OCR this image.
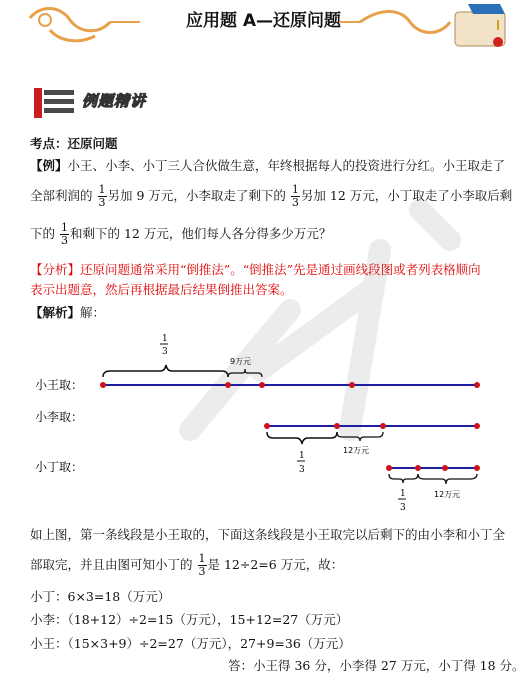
应用题 A—还原问题
例题精讲
考点：还原问题
【例】小王、小李、小丁三人合伙做生意，年终根据每人的投资进行分红。小王取走了
全部利润的 $\frac{1}{3}$ 另加 9 万元，小李取走了剩下的 $\frac{1}{3}$ 另加 12 万元，小丁取走了小李取后剩
下的 $\frac{1}{3}$ 和剩下的 12 万元，他们每人各分得多少万元？
【分析】还原问题通常采用“倒推法”。“倒推法”先是通过画线段图或者列表格顺向
表示出题意，然后再根据最后结果倒推出答案。
【解析】解：
小王取：
1
3
9万元
小李取：
1
3
12万元
小丁取：
1
3
12万元
如上图，第一条线段是小王取的，下面这条线段是小王取完以后剩下的由小李和小丁全
部取完，并且由图可知小丁的 $\frac{1}{3}$ 是 12÷2=6 万元，故：
小丁：6×3=18（万元）
小李：（18+12）÷2=15（万元），15+12=27（万元）
小王：（15×3+9）÷2=27（万元），27+9=36（万元）
答：小王得 36 分，小李得 27 万元，小丁得 18 分。
